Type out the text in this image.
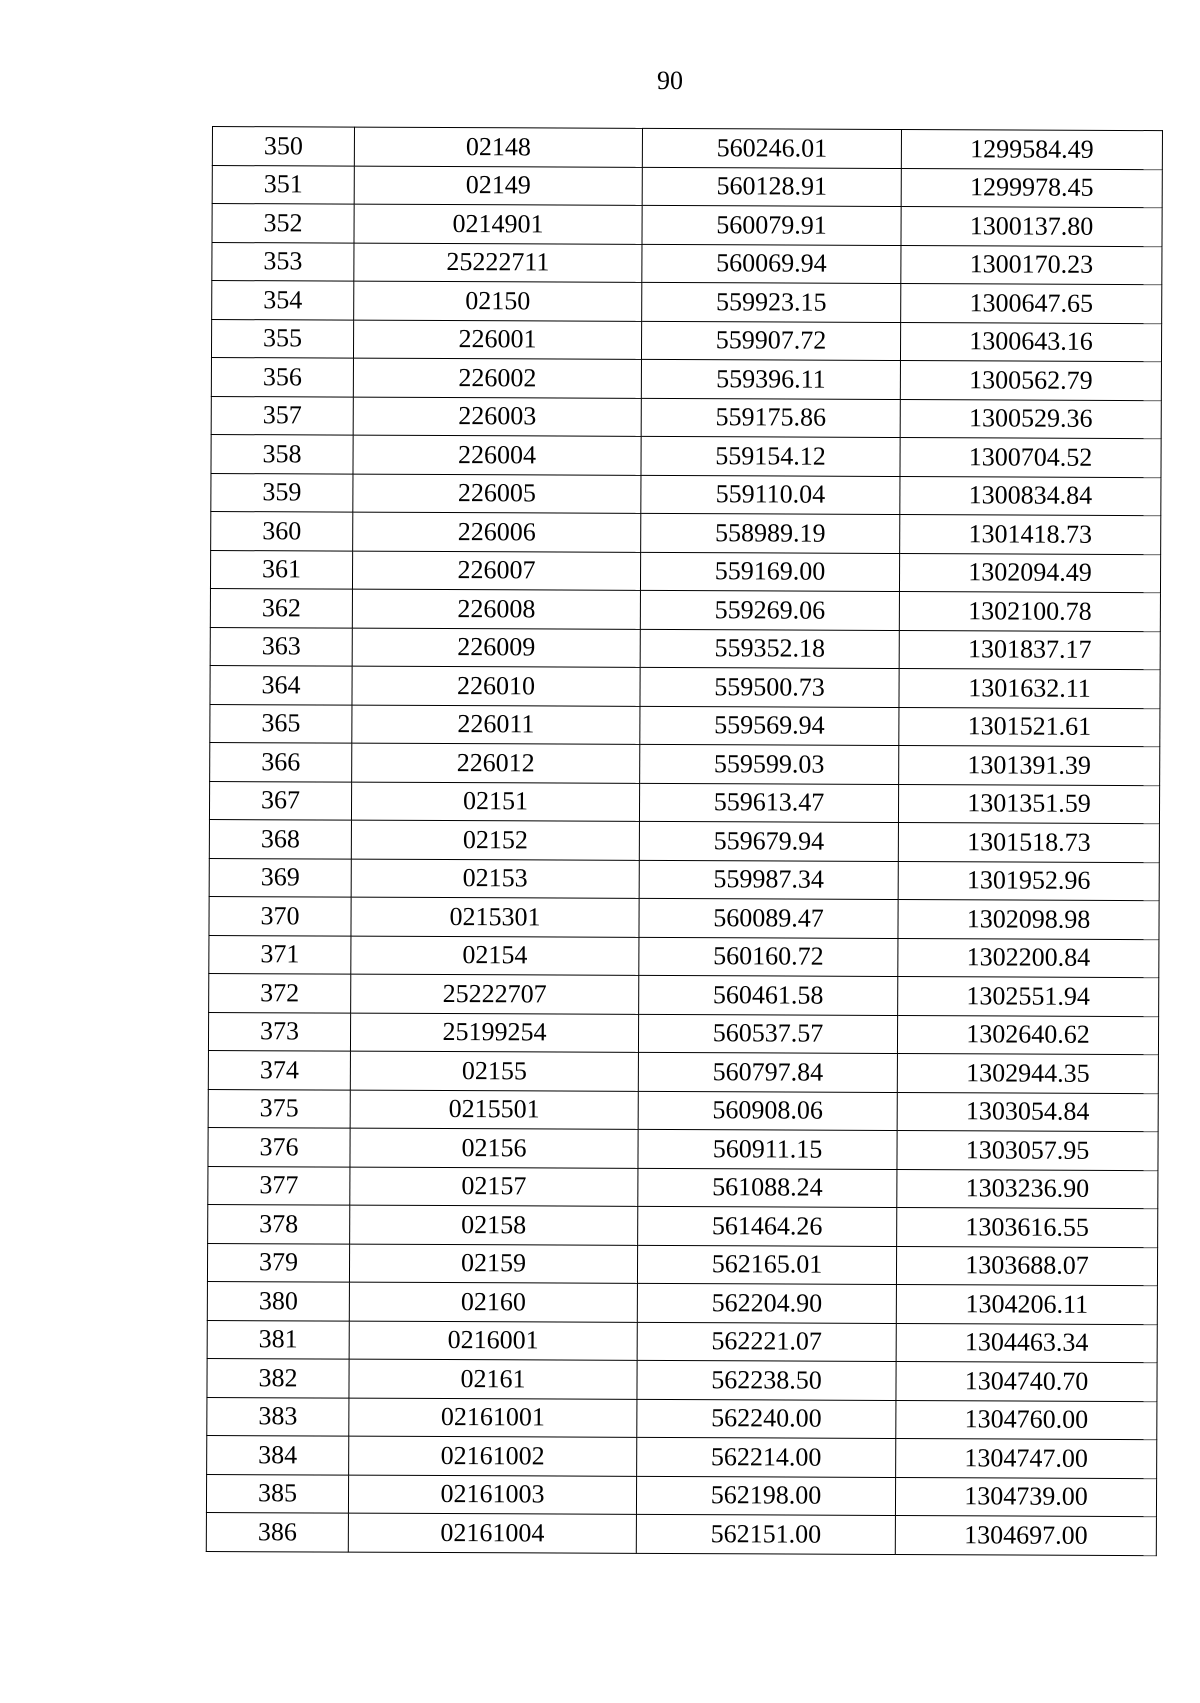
90
350	02148	560246.01	1299584.49
351	02149	560128.91	1299978.45
352	0214901	560079.91	1300137.80
353	25222711	560069.94	1300170.23
354	02150	559923.15	1300647.65
355	226001	559907.72	1300643.16
356	226002	559396.11	1300562.79
357	226003	559175.86	1300529.36
358	226004	559154.12	1300704.52
359	226005	559110.04	1300834.84
360	226006	558989.19	1301418.73
361	226007	559169.00	1302094.49
362	226008	559269.06	1302100.78
363	226009	559352.18	1301837.17
364	226010	559500.73	1301632.11
365	226011	559569.94	1301521.61
366	226012	559599.03	1301391.39
367	02151	559613.47	1301351.59
368	02152	559679.94	1301518.73
369	02153	559987.34	1301952.96
370	0215301	560089.47	1302098.98
371	02154	560160.72	1302200.84
372	25222707	560461.58	1302551.94
373	25199254	560537.57	1302640.62
374	02155	560797.84	1302944.35
375	0215501	560908.06	1303054.84
376	02156	560911.15	1303057.95
377	02157	561088.24	1303236.90
378	02158	561464.26	1303616.55
379	02159	562165.01	1303688.07
380	02160	562204.90	1304206.11
381	0216001	562221.07	1304463.34
382	02161	562238.50	1304740.70
383	02161001	562240.00	1304760.00
384	02161002	562214.00	1304747.00
385	02161003	562198.00	1304739.00
386	02161004	562151.00	1304697.00
